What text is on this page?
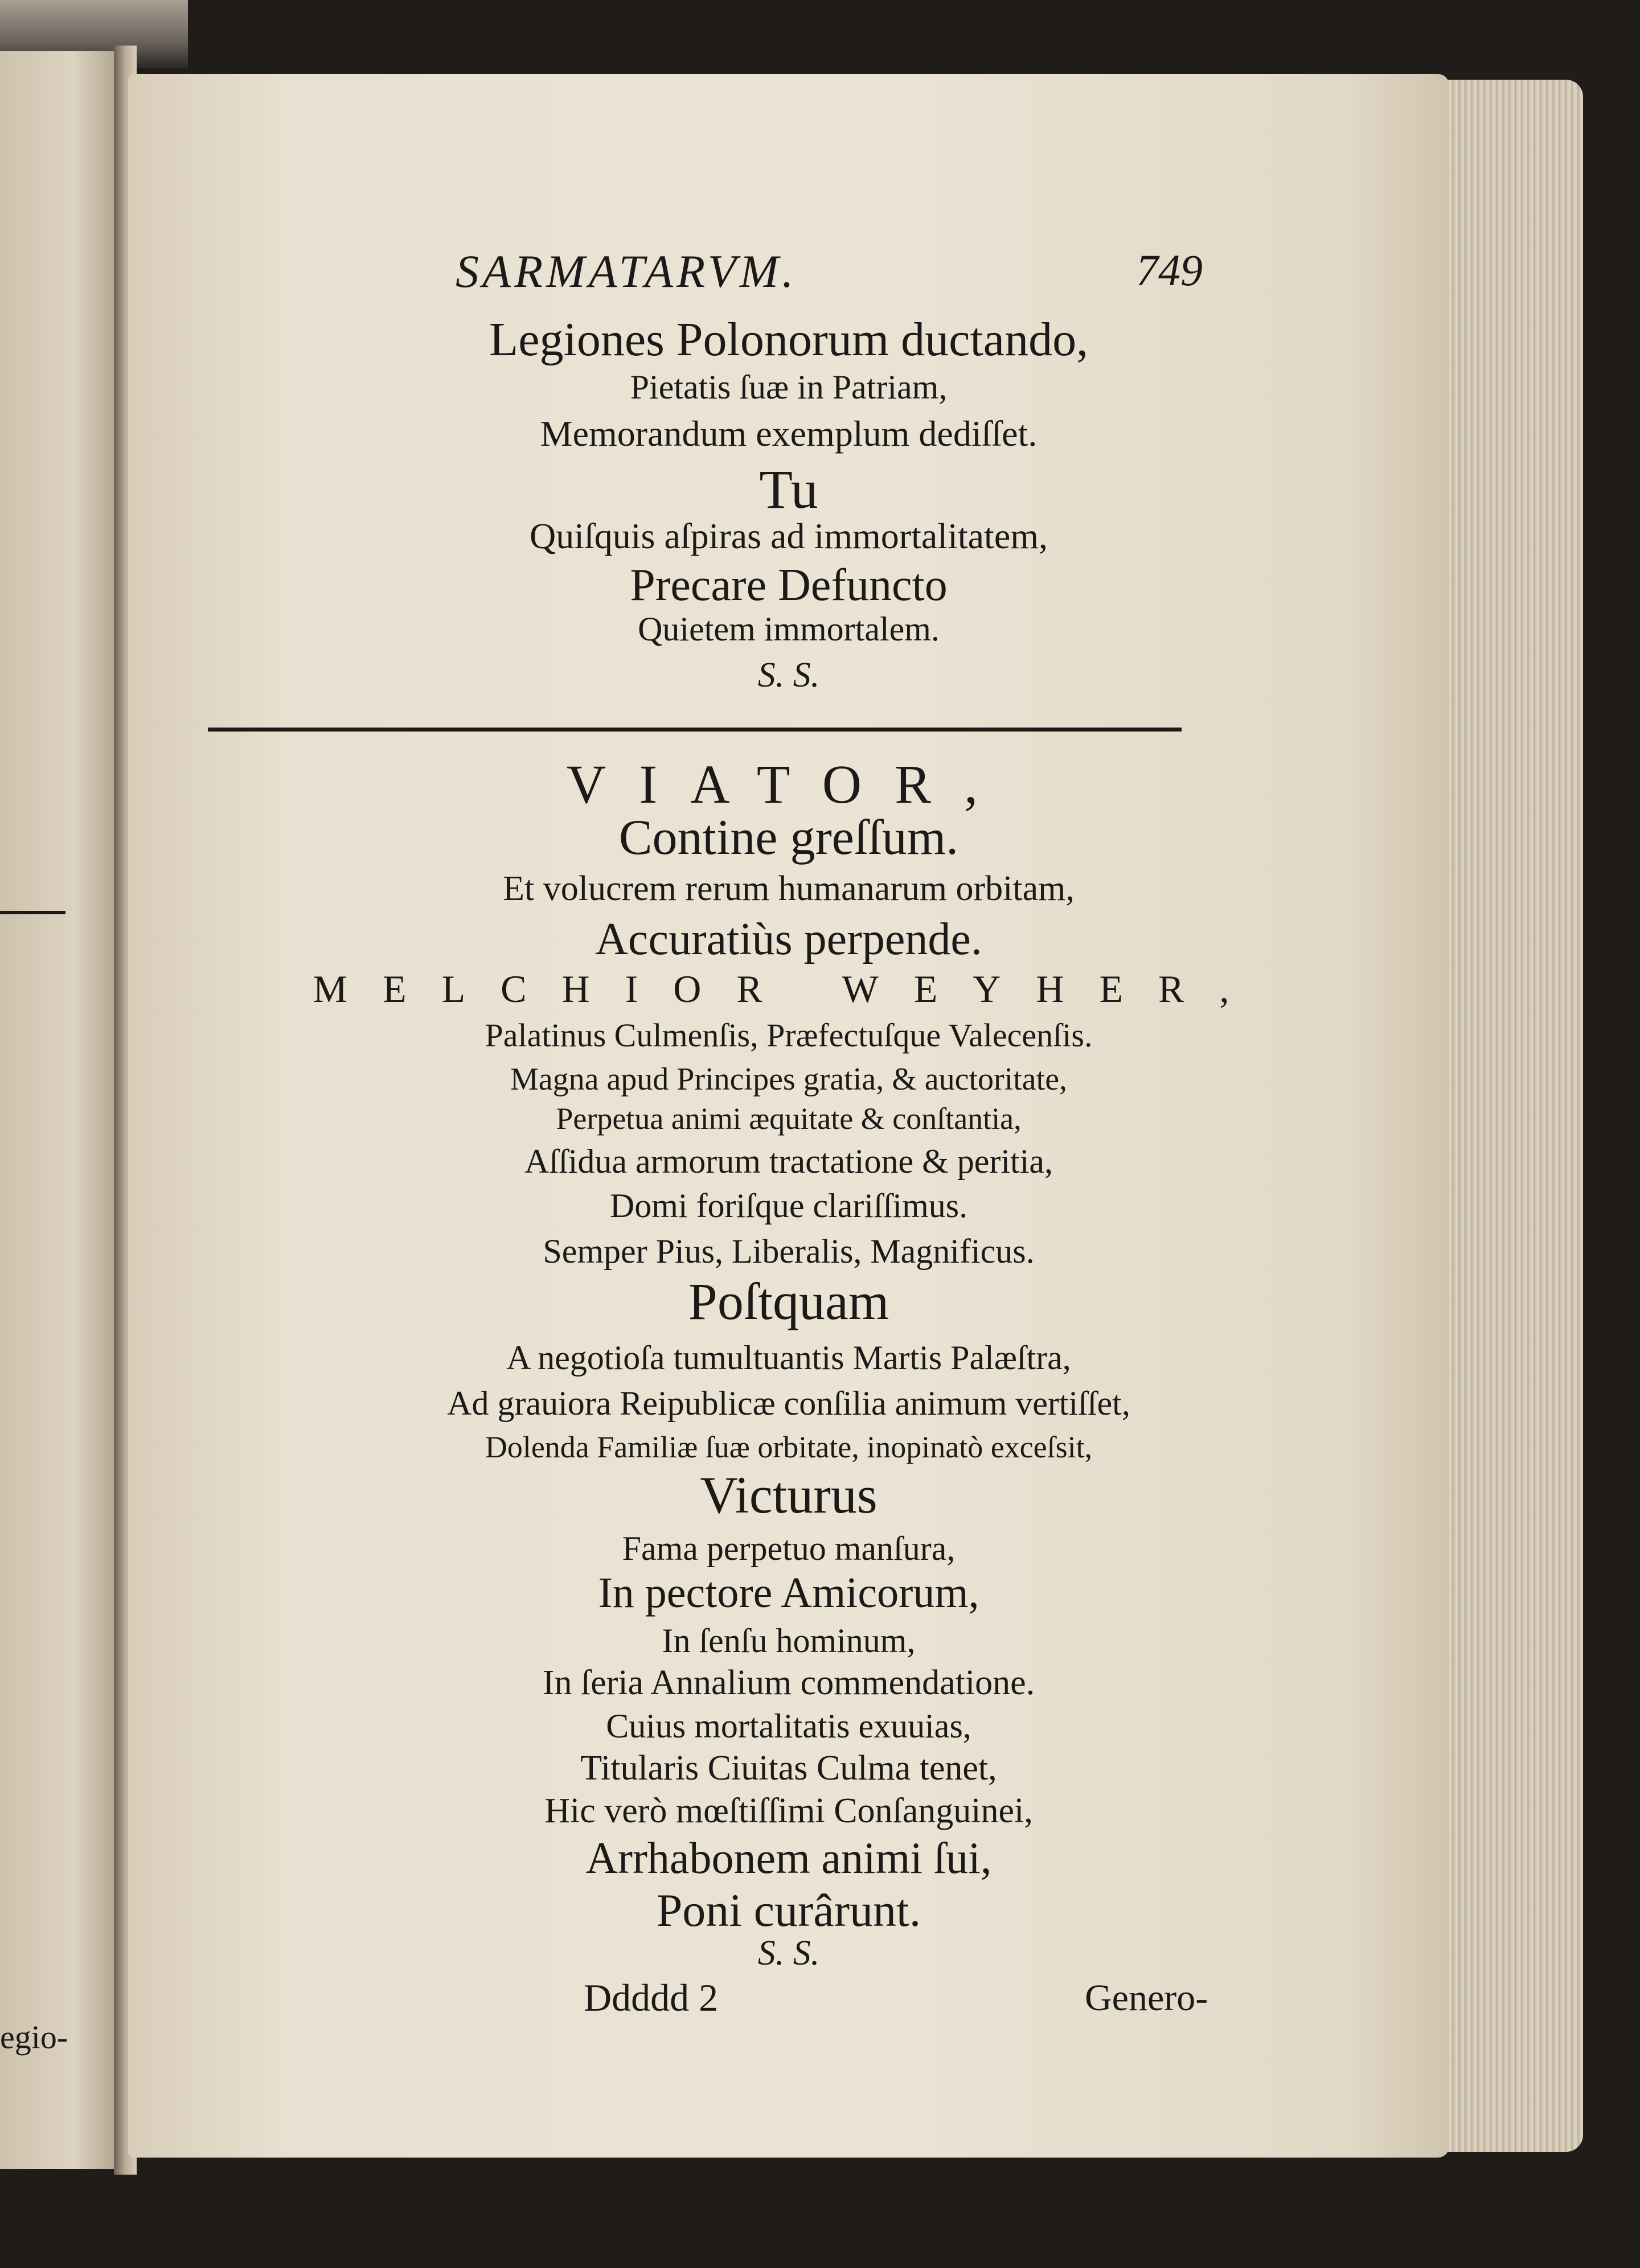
egio-
SARMATARVM.	749
Legiones Polonorum ductando,
Pietatis ſuæ in Patriam,
Memorandum exemplum dediſſet.
Tu
Quiſquis aſpiras ad immortalitatem,
Precare Defuncto
Quietem immortalem.
S. S.
VIATOR,
Contine greſſum.
Et volucrem rerum humanarum orbitam,
Accuratiùs perpende.
MELCHIOR WEYHER,
Palatinus Culmenſis, Præfectuſque Valecenſis.
Magna apud Principes gratia, & auctoritate,
Perpetua animi æquitate & conſtantia,
Aſſidua armorum tractatione & peritia,
Domi foriſque clariſſimus.
Semper Pius, Liberalis, Magnificus.
Poſtquam
A negotioſa tumultuantis Martis Palæſtra,
Ad grauiora Reipublicæ conſilia animum vertiſſet,
Dolenda Familiæ ſuæ orbitate, inopinatò exceſsit,
Victurus
Fama perpetuo manſura,
In pectore Amicorum,
In ſenſu hominum,
In ſeria Annalium commendatione.
Cuius mortalitatis exuuias,
Titularis Ciuitas Culma tenet,
Hic verò mœſtiſſimi Conſanguinei,
Arrhabonem animi ſui,
Poni curârunt.
S. S.
Ddddd 2	Genero-
